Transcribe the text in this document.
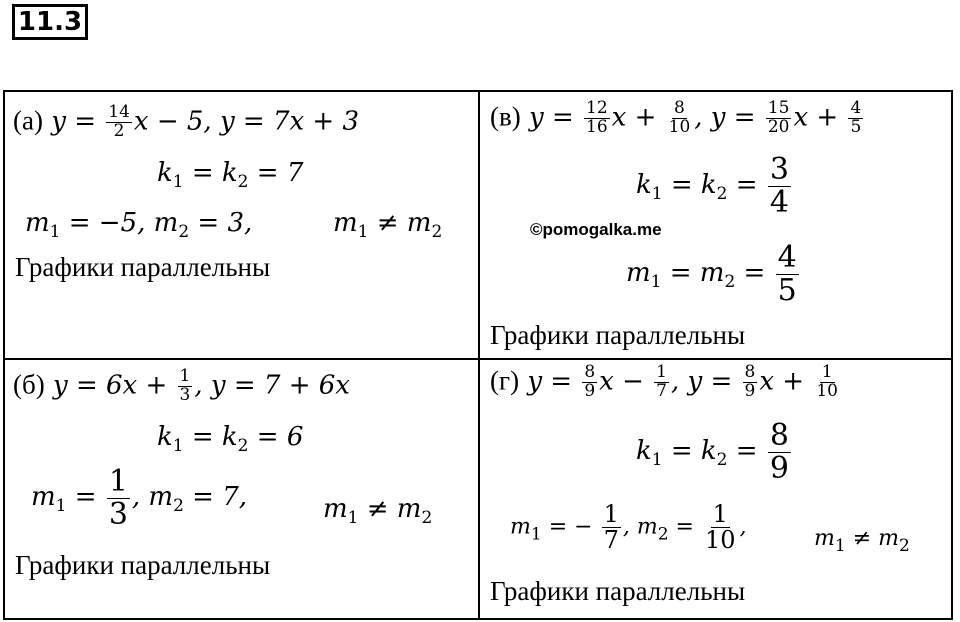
11.3
(а) $y = \frac{14}{2}$ x − 5, y = 7x + 3
$k_1 = k_2 = 7$
$m_1 = -5$, $m_2 = 3$,	$m_1 \ne m_2$
Графики параллельны
(в) $y = \frac{12}{16}$ $x + \frac{8}{10}$ , $y = \frac{15}{20}$ $x + \frac{4}{5}$
$k_1 = k_2 = \frac{3}{4}$
©pomogalka.me
$m_1 = m_2 = \frac{4}{5}$
Графики параллельны
(б) $y = 6x + \frac{1}{3}$ , y = 7 + 6x
$k_1 = k_2 = 6$
$m_1 = \frac{1}{3}$ , $m_2 = 7$,	$m_1 \ne m_2$
Графики параллельны
(г) $y = \frac{8}{9}$ $x - \frac{1}{7}$ , $y = \frac{8}{9}$ $x + \frac{1}{10}$
$k_1 = k_2 = \frac{8}{9}$
$m_1$ = − $\frac{1}{7}$ , $m_2 = \frac{1}{10}$ ,	$m_1 \ne m_2$
Графики параллельны
